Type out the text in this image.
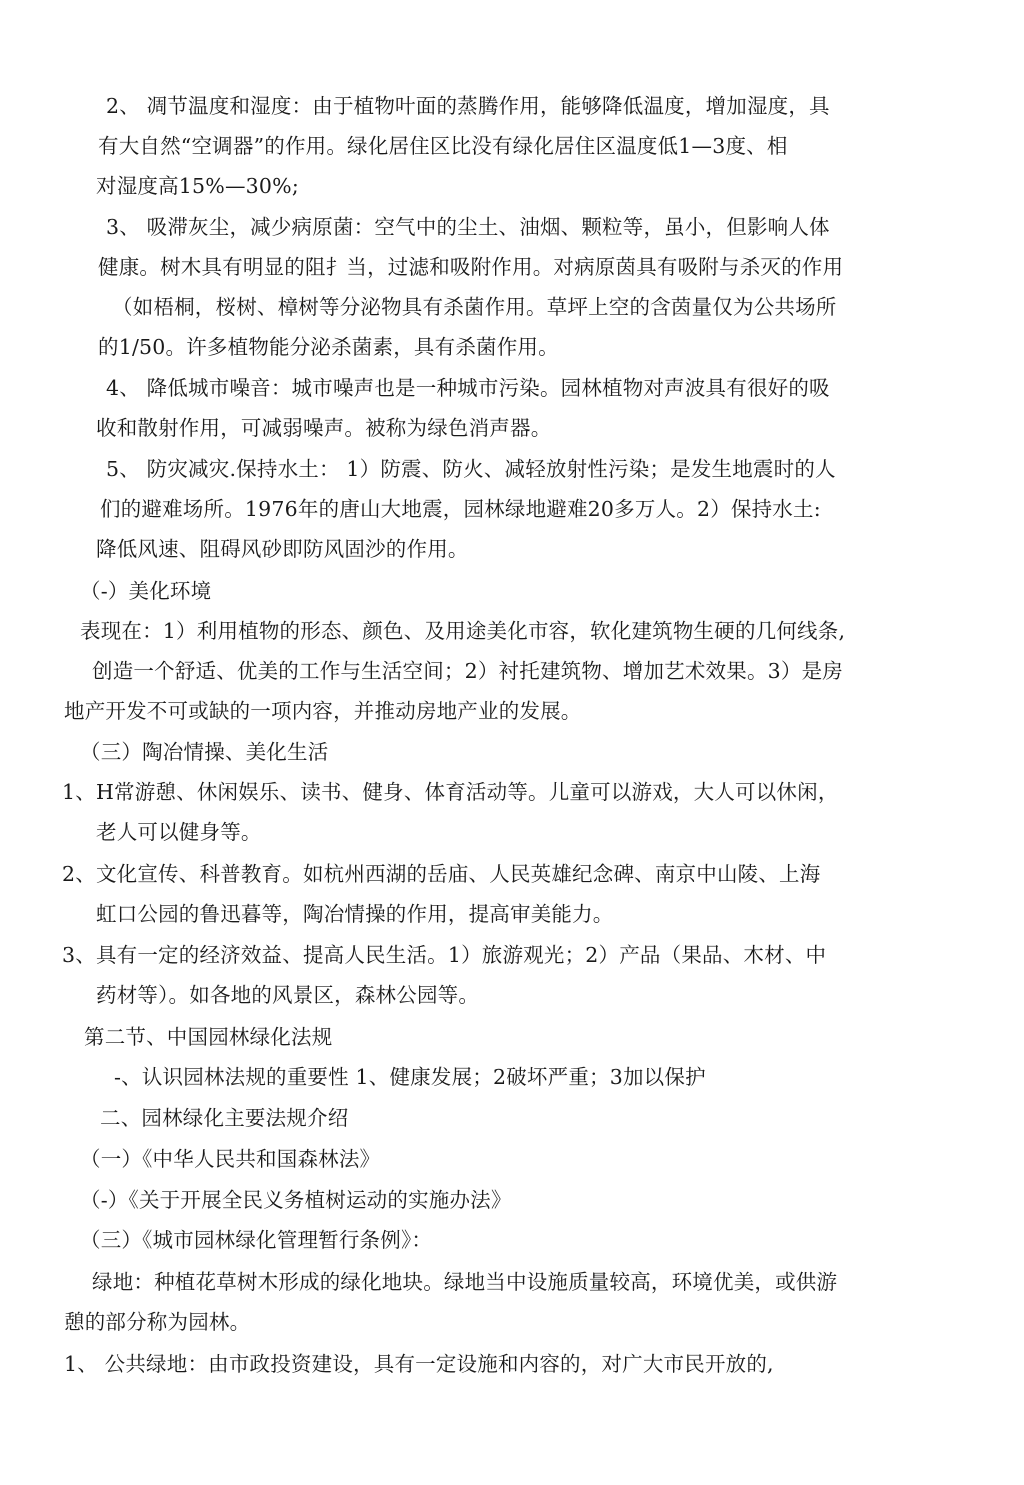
2、 凋节温度和湿度：由于植物叶面的蒸腾作用，能够降低温度，增加湿度，具
有大自然“空调器”的作用。绿化居住区比没有绿化居住区温度低1—3度、相
对湿度高15%—30%;
3、 吸滞灰尘，减少病原菌：空气中的尘土、油烟、颗粒等，虽小，但影响人体
健康。树木具有明显的阻扌当，过滤和吸附作用。对病原茵具有吸附与杀灭的作用
（如梧桐，桜树、樟树等分泌物具有杀菌作用。草坪上空的含茵量仅为公共场所
的1/50。许多植物能分泌杀菌素，具有杀菌作用。
4、 降低城市噪音：城市噪声也是一种城市污染。园林植物对声波具有很好的吸
收和散射作用，可减弱噪声。被称为绿色消声器。
5、 防灾减灾.保持水土： 1）防震、防火、减轻放射性污染；是发生地震时的人
们的避难场所。1976年的唐山大地震，园林绿地避难20多万人。2）保持水土:
降低风速、阻碍风砂即防风固沙的作用。
（-）美化环境
表现在：1）利用植物的形态、颜色、及用途美化市容，软化建筑物生硬的几何线条,
创造一个舒适、优美的工作与生活空间；2）衬托建筑物、增加艺术效果。3）是房
地产开发不可或缺的一项内容，并推动房地产业的发展。
（三）陶冶情操、美化生活
1、H常游憩、休闲娱乐、读书、健身、体育活动等。儿童可以游戏，大人可以休闲，
老人可以健身等。
2、文化宣传、科普教育。如杭州西湖的岳庙、人民英雄纪念碑、南京中山陵、上海
虹口公园的鲁迅暮等，陶冶情操的作用，提高审美能力。
3、具有一定的经济效益、提高人民生活。1）旅游观光；2）产品（果品、木材、中
药材等）。如各地的风景区，森林公园等。
第二节、中国园林绿化法规
-、认识园林法规的重要性 1、健康发展；2破坏严重；3加以保护
二、园林绿化主要法规介绍
（一）《中华人民共和国森林法》
（-）《关于开展全民义务植树运动的实施办法》
（三）《城市园林绿化管理暂行条例》：
绿地：种植花草树木形成的绿化地块。绿地当中设施质量较高，环境优美，或供游
憩的部分称为园林。
1、 公共绿地：由市政投资建设，具有一定设施和内容的，对广大市民开放的,
